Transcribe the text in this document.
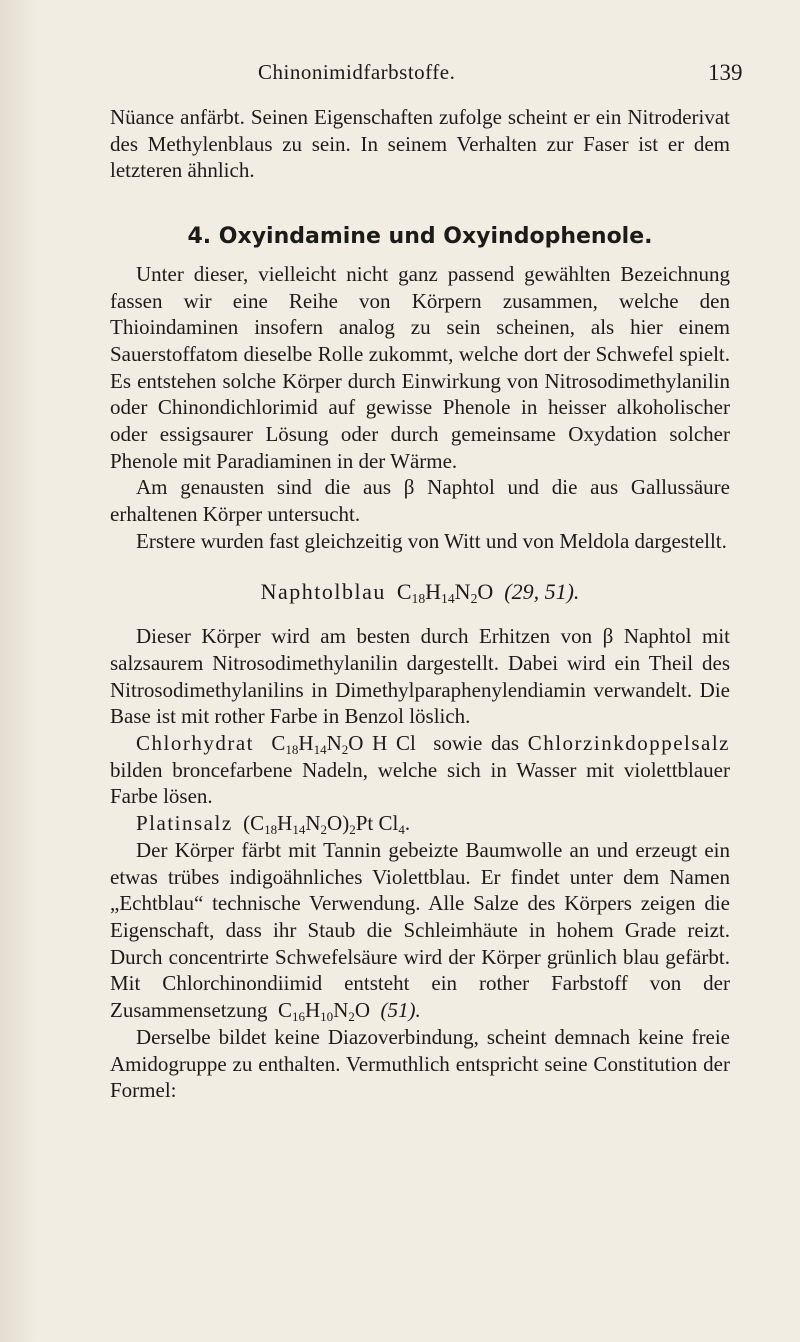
Chinonimidfarbstoffe.	139

Nüance anfärbt. Seinen Eigenschaften zufolge scheint er ein Nitroderivat des Methylenblaus zu sein. In seinem Verhalten zur Faser ist er dem letzteren ähnlich.

4. Oxyindamine und Oxyindophenole.

Unter dieser, vielleicht nicht ganz passend gewählten Bezeichnung fassen wir eine Reihe von Körpern zusammen, welche den Thioindaminen insofern analog zu sein scheinen, als hier einem Sauerstoffatom dieselbe Rolle zukommt, welche dort der Schwefel spielt. Es entstehen solche Körper durch Einwirkung von Nitrosodimethylanilin oder Chinondichlorimid auf gewisse Phenole in heisser alkoholischer oder essigsaurer Lösung oder durch gemeinsame Oxydation solcher Phenole mit Paradiaminen in der Wärme.

Am genausten sind die aus β Naphtol und die aus Gallussäure erhaltenen Körper untersucht.

Erstere wurden fast gleichzeitig von Witt und von Meldola dargestellt.

Naphtolblau  $C_{18}H_{14}N_2O$  (29, 51).

Dieser Körper wird am besten durch Erhitzen von β Naphtol mit salzsaurem Nitrosodimethylanilin dargestellt. Dabei wird ein Theil des Nitrosodimethylanilins in Dimethylparaphenylendiamin verwandelt. Die Base ist mit rother Farbe in Benzol löslich.

Chlorhydrat  $C_{18}H_{14}N_2O$ H Cl  sowie das Chlorzinkdoppelsalz bilden broncefarbene Nadeln, welche sich in Wasser mit violettblauer Farbe lösen.

Platinsalz  $(C_{18}H_{14}N_2O)_2Pt$ $Cl_4$.

Der Körper färbt mit Tannin gebeizte Baumwolle an und erzeugt ein etwas trübes indigoähnliches Violettblau. Er findet unter dem Namen „Echtblau“ technische Verwendung. Alle Salze des Körpers zeigen die Eigenschaft, dass ihr Staub die Schleimhäute in hohem Grade reizt. Durch concentrirte Schwefelsäure wird der Körper grünlich blau gefärbt. Mit Chlorchinondiimid entsteht ein rother Farbstoff von der Zusammensetzung  $C_{16}H_{10}N_2O$  (51).

Derselbe bildet keine Diazoverbindung, scheint demnach keine freie Amidogruppe zu enthalten. Vermuthlich entspricht seine Constitution der Formel:
